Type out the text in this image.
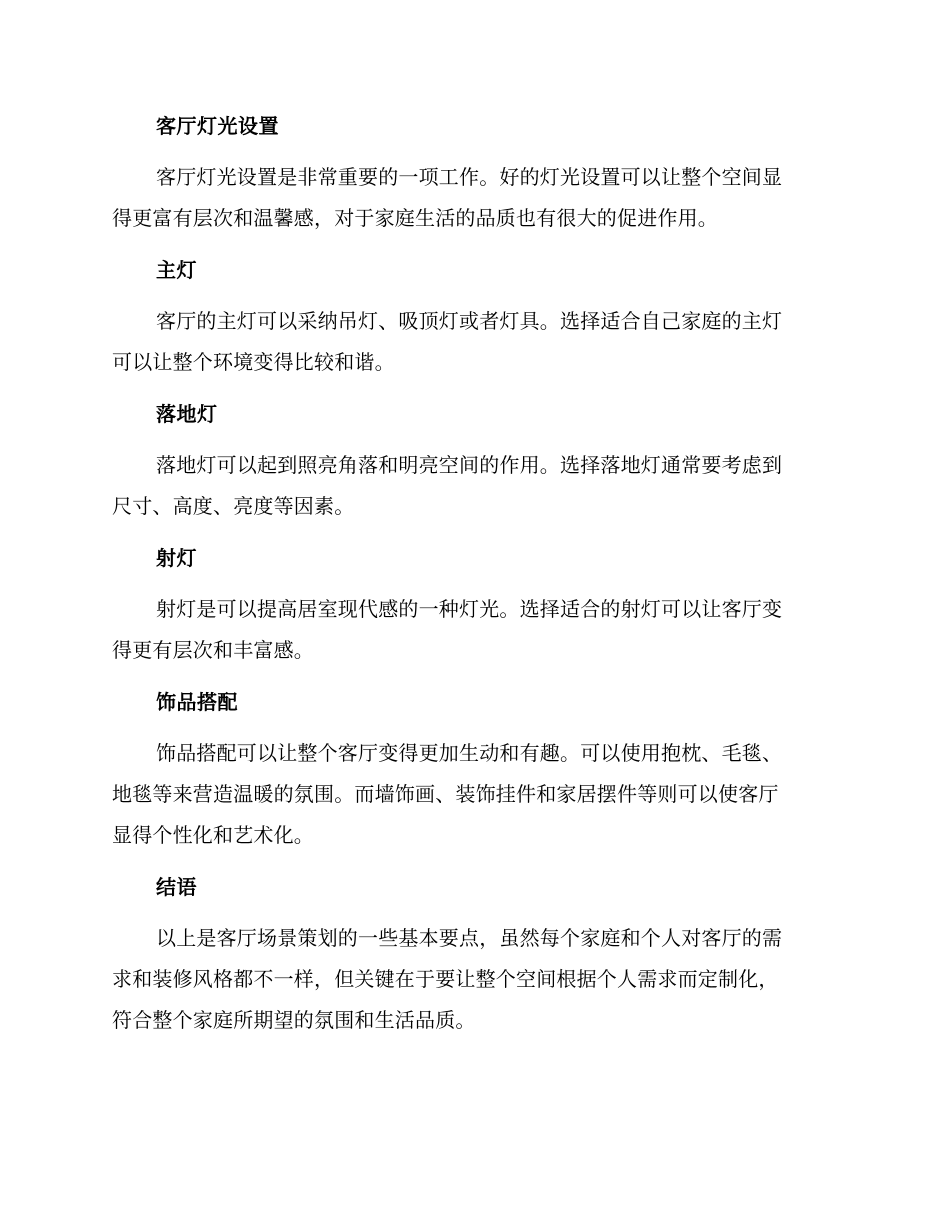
客厅灯光设置
客厅灯光设置是非常重要的一项工作。好的灯光设置可以让整个空间显
得更富有层次和温馨感，对于家庭生活的品质也有很大的促进作用。
主灯
客厅的主灯可以采纳吊灯、吸顶灯或者灯具。选择适合自己家庭的主灯
可以让整个环境变得比较和谐。
落地灯
落地灯可以起到照亮角落和明亮空间的作用。选择落地灯通常要考虑到
尺寸、高度、亮度等因素。
射灯
射灯是可以提高居室现代感的一种灯光。选择适合的射灯可以让客厅变
得更有层次和丰富感。
饰品搭配
饰品搭配可以让整个客厅变得更加生动和有趣。可以使用抱枕、毛毯、
地毯等来营造温暖的氛围。而墙饰画、装饰挂件和家居摆件等则可以使客厅
显得个性化和艺术化。
结语
以上是客厅场景策划的一些基本要点，虽然每个家庭和个人对客厅的需
求和装修风格都不一样，但关键在于要让整个空间根据个人需求而定制化，
符合整个家庭所期望的氛围和生活品质。
